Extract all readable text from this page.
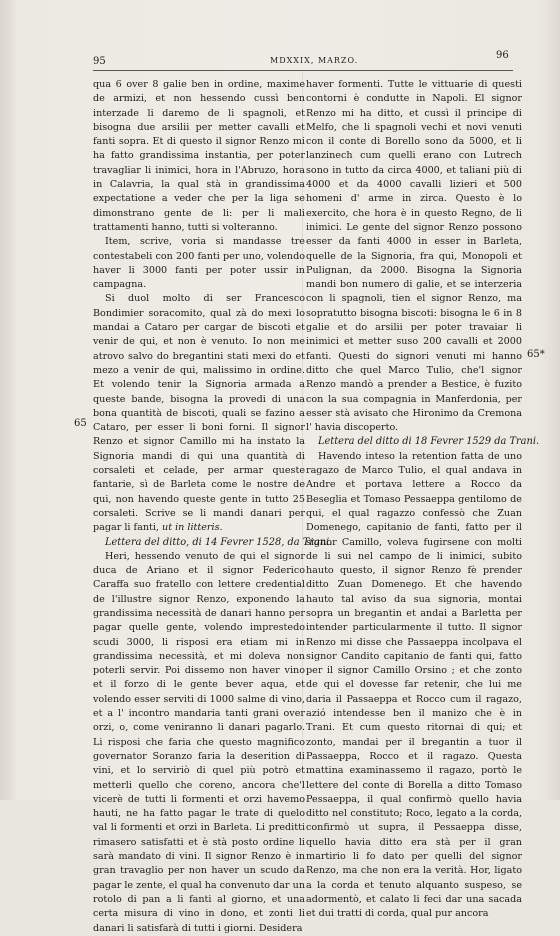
95	MDXXIX, MARZO.	96

qua 6 over 8 galie ben in ordine, maxime de armizi, et non hessendo cussì ben interzade li daremo de li spagnoli, et bisogna due arsilii per metter cavalli et fanti sopra. Et di questo il signor Renzo mi ha fatto grandissima instantia, per poter travagliar li inimici, hora in l'Abruzo, hora in Calavria, la qual stà in grandissima expectatione a veder che per la liga se dimonstrano gente de li: per li mali trattamenti hanno, tutti si volteranno.

Item, scrive, voria si mandasse tre contestabeli con 200 fanti per uno, volendo haver li 3000 fanti per poter ussir in campagna.

Si duol molto di ser Francesco Bondimier soracomito, qual zà do mexi lo mandai a Cataro per cargar de biscoti et venir de qui, et non è venuto. Io non me atrovo salvo do bregantini stati mexi do et mezo a venir de qui, malissimo in ordine. Et volendo tenir la Signoria armada a queste bande, bisogna la provedi di una bona quantità de biscoti, quali se fazino a Cataro, per esser li boni forni. Il signor Renzo et signor Camillo mi ha instato la Signoria mandi di qui una quantità di corsaleti et celade, per armar queste fantarie, sì de Barleta come le nostre de qui, non havendo queste gente in tutto 25 corsaleti. Scrive se li mandi danari per pagar li fanti, ut in litteris.

Lettera del ditto, di 14 Fevrer 1528, da Trani.

Heri, hessendo venuto de qui el signor duca de Ariano et il signor Federico Caraffa suo fratello con lettere credential de l'illustre signor Renzo, exponendo la grandissima necessità de danari hanno per pagar quelle gente, volendo imprestedo scudi 3000, li risposi era etiam mi in grandissima necessità, et mi doleva non poterli servir. Poi dissemo non haver vino et il forzo di le gente bever aqua, et volendo esser serviti di 1000 salme di vino, et a l' incontro mandaria tanti grani over orzi, o, come veniranno li danari pagarlo. Li risposi che faria che questo magnifico governator Soranzo faria la deserition di vini, et lo serviriò di quel più potrò et metterli quello che coreno, ancora che'l vicerè de tutti li formenti et orzi havemo hauti, ne ha fatto pagar le trate di quelo val li formenti et orzi in Barleta. Li preditti rimasero satisfatti et è stà posto ordine li sarà mandato di vini. Il signor Renzo è in gran travaglio per non haver un scudo da pagar le zente, el qual ha convenuto dar un rotolo di pan a li fanti al giorno, et una certa misura di vino in dono, et zonti li danari li satisfarà di tutti i giorni. Desidera

65

haver formenti. Tutte le vittuarie di questi contorni è condutte in Napoli. El signor Renzo mi ha ditto, et cussì il principe di Melfo, che li spagnoli vechi et novi venuti con il conte di Borello sono da 5000, et li lanzinech cum quelli erano con Lutrech sono in tutto da circa 4000, et taliani più di 4000 et da 4000 cavalli lizieri et 500 homeni d' arme in zirca. Questo è lo exercito, che hora è in questo Regno, de li inimici. Le gente del signor Renzo possono esser da fanti 4000 in esser in Barleta, quelle de la Signoria, fra qui, Monopoli et Pulignan, da 2000. Bisogna la Signoria mandi bon numero di galie, et se interzeria con li spagnoli, tien el signor Renzo, ma sopratutto bisogna biscoti: bisogna le 6 in 8 galie et do arsilii per poter travaiar li inimici et metter suso 200 cavalli et 2000 fanti. Questi do signori venuti mi hanno ditto che quel Marco Tulio, che'l signor Renzo mandò a prender a Bestice, è fuzito con la sua compagnia in Manferdonia, per esser stà avisato che Hironimo da Cremona l' havia discoperto.

Lettera del ditto di 18 Fevrer 1529 da Trani.

Havendo inteso la retention fatta de uno ragazo de Marco Tulio, el qual andava in Andre et portava lettere a Rocco da Beseglia et Tomaso Pessaeppa gentilomo de qui, el qual ragazzo confessò che Zuan Domenego, capitanio de fanti, fatto per il signor Camillo, voleva fugirsene con molti de li sui nel campo de li inimici, subito hauto questo, il signor Renzo fè prender ditto Zuan Domenego. Et che havendo hauto tal aviso da sua signoria, montai sopra un bregantin et andai a Barletta per intender particularmente il tutto. Il signor Renzo mi disse che Passaeppa incolpava el signor Candito capitanio de fanti qui, fatto per il signor Camillo Orsino ; et che zonto de qui el dovesse far retenir, che lui me daria il Passaeppa et Rocco cum il ragazo, azió intendesse ben il manizo che è in Trani. Et cum questo ritornai di qui; et zonto, mandai per il bregantin a tuor il Passaeppa, Rocco et il ragazo. Questa mattina examinassemo il ragazo, portò le lettere del conte di Borella a ditto Tomaso Pessaeppa, il qual confirmò quello havia ditto nel constituto; Roco, legato a la corda, confirmò ut supra, il Pessaeppa disse, quello havia ditto era stà per il gran martirio li fo dato per quelli del signor Renzo, ma che non era la verità. Hor, ligato a la corda et tenuto alquanto suspeso, se adormentò, et calato li feci dar una sacada et dui tratti di corda, qual pur ancora

65*
